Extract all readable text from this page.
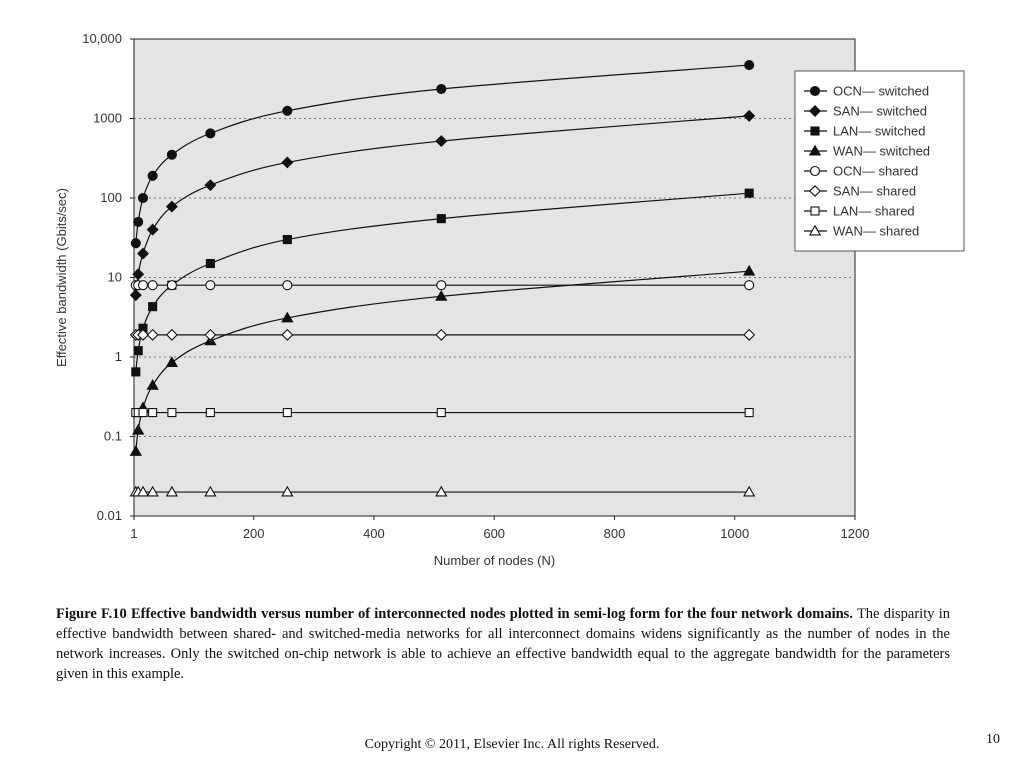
0.01
0.1
1
10
100
1000
10,000
1	200	400	600	800	1000	1200
Number of nodes (N)
Effective bandwidth (Gbits/sec)
OCN— switched
SAN— switched
LAN— switched
WAN— switched
OCN— shared
SAN— shared
LAN— shared
WAN— shared
Figure F.10 Effective bandwidth versus number of interconnected nodes plotted in semi-log form for the four network domains. The disparity in effective bandwidth between shared- and switched-media networks for all interconnect domains widens significantly as the number of nodes in the network increases. Only the switched on-chip network is able to achieve an effective bandwidth equal to the aggregate bandwidth for the parameters given in this example.
Copyright © 2011, Elsevier Inc. All rights Reserved.	10
